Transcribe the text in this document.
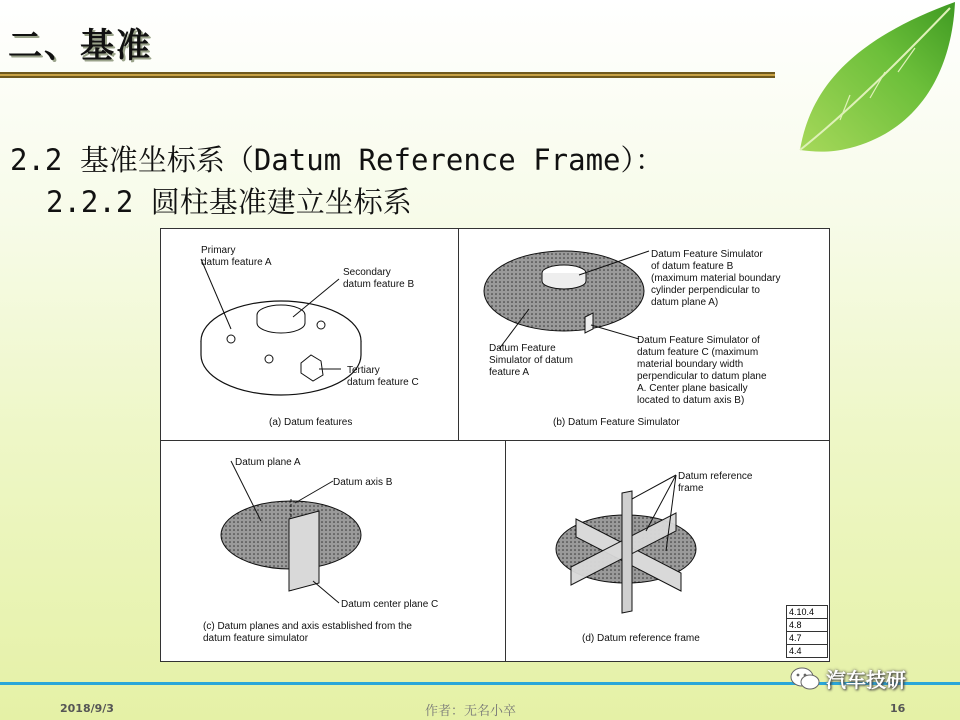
二、基准
2.2 基准坐标系（Datum Reference Frame）：
2.2.2 圆柱基准建立坐标系
Primary
datum feature A
Secondary
datum feature B
Tertiary
datum feature C
(a) Datum features
Datum Feature Simulator
of datum feature B
(maximum material boundary
cylinder perpendicular to
datum plane A)
Datum Feature
Simulator of datum
feature A
Datum Feature Simulator of
datum feature C (maximum
material boundary width
perpendicular to datum plane
A. Center plane basically
located to datum axis B)
(b) Datum Feature Simulator
Datum plane A
Datum axis B
Datum center plane C
(c) Datum planes and axis established from the
datum feature simulator
Datum reference
frame
(d) Datum reference frame
4.10.4
4.8
4.7
4.4
2018/9/3	作者：无名小卒	16
汽车技研
